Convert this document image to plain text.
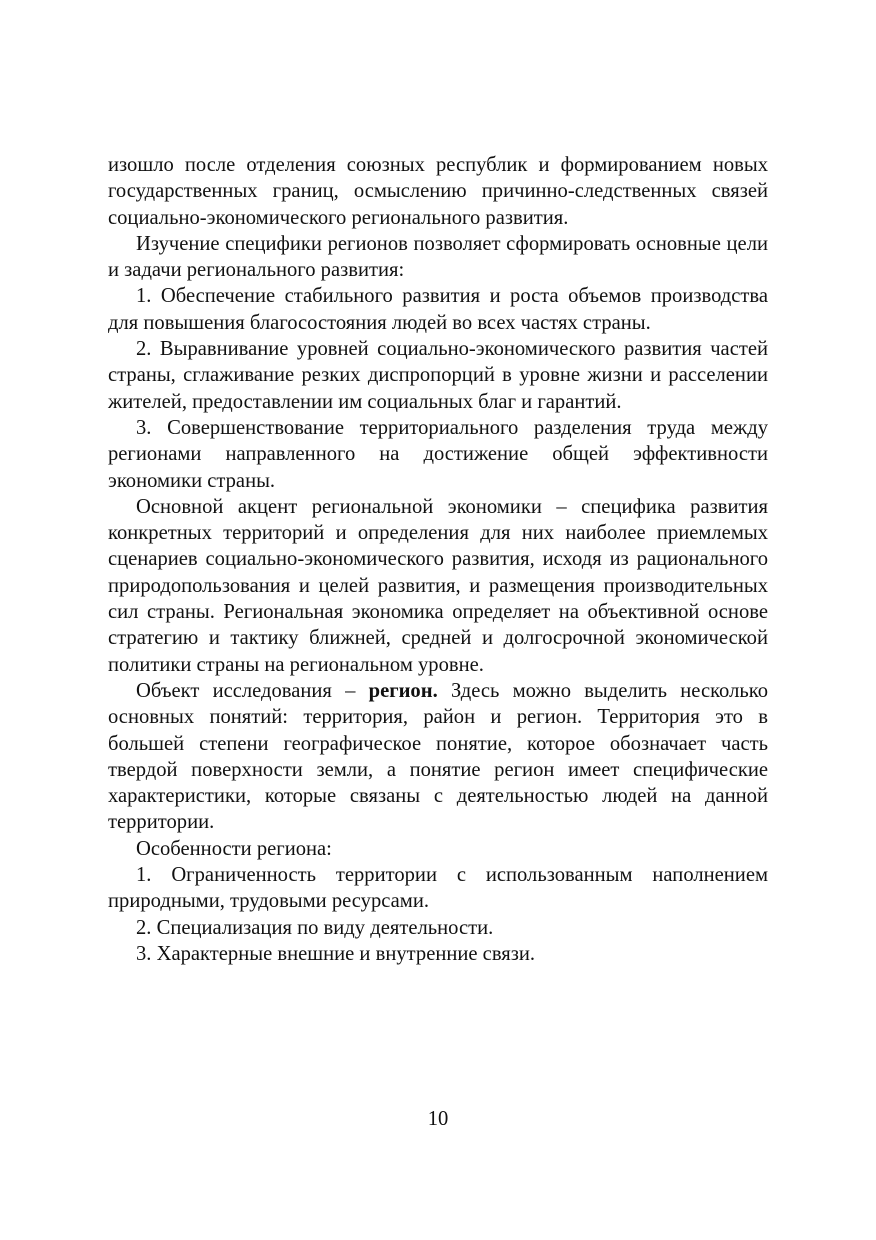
изошло после отделения союзных республик и формированием новых государственных границ, осмыслению причинно-следственных связей социально-экономического регионального развития.

Изучение специфики регионов позволяет сформировать основные цели и задачи регионального развития:

1. Обеспечение стабильного развития и роста объемов производства для повышения благосостояния людей во всех частях страны.

2. Выравнивание уровней социально-экономического развития частей страны, сглаживание резких диспропорций в уровне жизни и расселении жителей, предоставлении им социальных благ и гарантий.

3. Совершенствование территориального разделения труда между регионами направленного на достижение общей эффективности экономики страны.

Основной акцент региональной экономики – специфика развития конкретных территорий и определения для них наиболее приемлемых сценариев социально-экономического развития, исходя из рационального природопользования и целей развития, и размещения производительных сил страны. Региональная экономика определяет на объективной основе стратегию и тактику ближней, средней и долгосрочной экономической политики страны на региональном уровне.

Объект исследования – регион. Здесь можно выделить несколько основных понятий: территория, район и регион. Территория это в большей степени географическое понятие, которое обозначает часть твердой поверхности земли, а понятие регион имеет специфические характеристики, которые связаны с деятельностью людей на данной территории.

Особенности региона:

1. Ограниченность территории с использованным наполнением природными, трудовыми ресурсами.

2. Специализация по виду деятельности.

3. Характерные внешние и внутренние связи.

10
